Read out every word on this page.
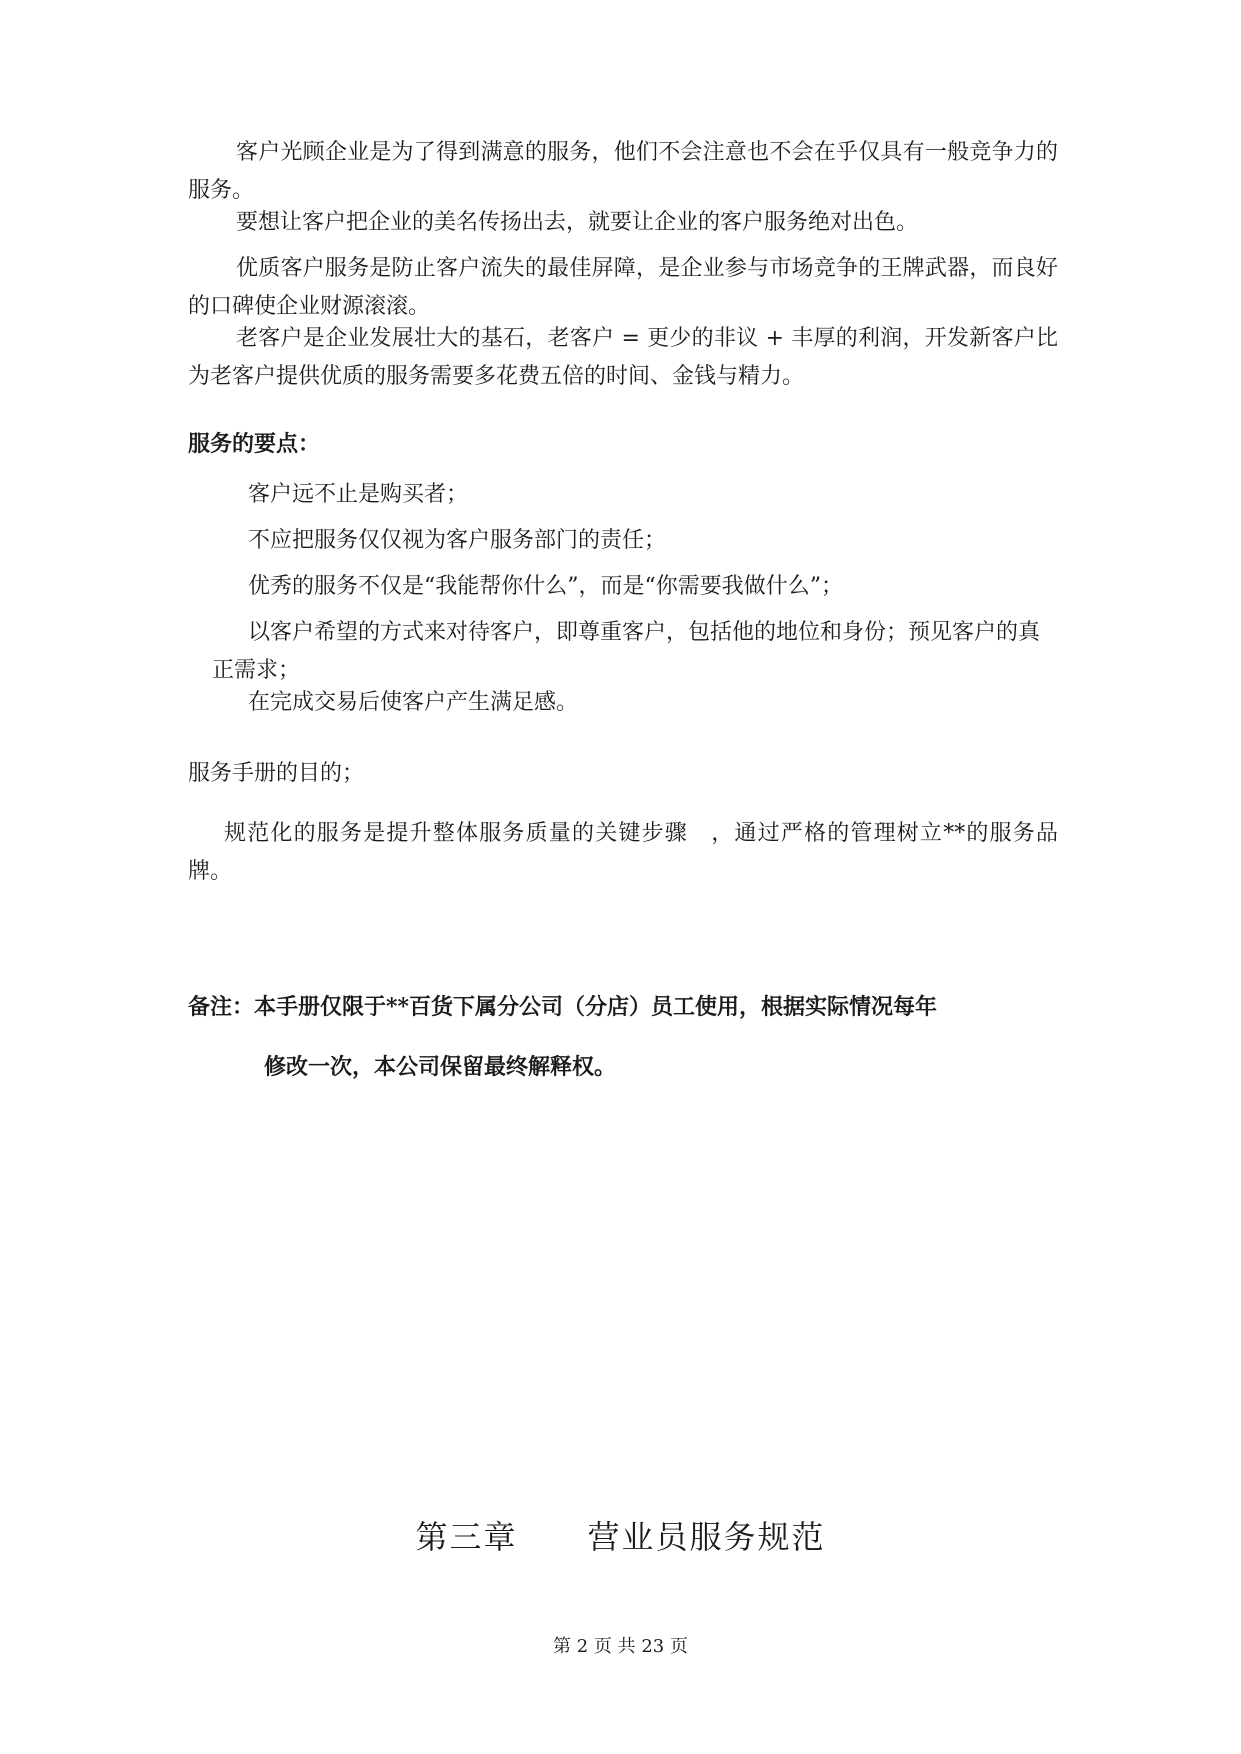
客户光顾企业是为了得到满意的服务，他们不会注意也不会在乎仅具有一般竞争力的服务。

要想让客户把企业的美名传扬出去，就要让企业的客户服务绝对出色。

优质客户服务是防止客户流失的最佳屏障，是企业参与市场竞争的王牌武器，而良好的口碑使企业财源滚滚。

老客户是企业发展壮大的基石，老客户 = 更少的非议 + 丰厚的利润，开发新客户比为老客户提供优质的服务需要多花费五倍的时间、金钱与精力。

服务的要点：

客户远不止是购买者；

不应把服务仅仅视为客户服务部门的责任；

优秀的服务不仅是“我能帮你什么”，而是“你需要我做什么”；

以客户希望的方式来对待客户，即尊重客户，包括他的地位和身份；预见客户的真正需求；

在完成交易后使客户产生满足感。

服务手册的目的；

规范化的服务是提升整体服务质量的关键步骤　，通过严格的管理树立**的服务品牌。

备注：本手册仅限于**百货下属分公司（分店）员工使用，根据实际情况每年

修改一次，本公司保留最终解释权。

第三章 营业员服务规范

第 2 页 共 23 页
